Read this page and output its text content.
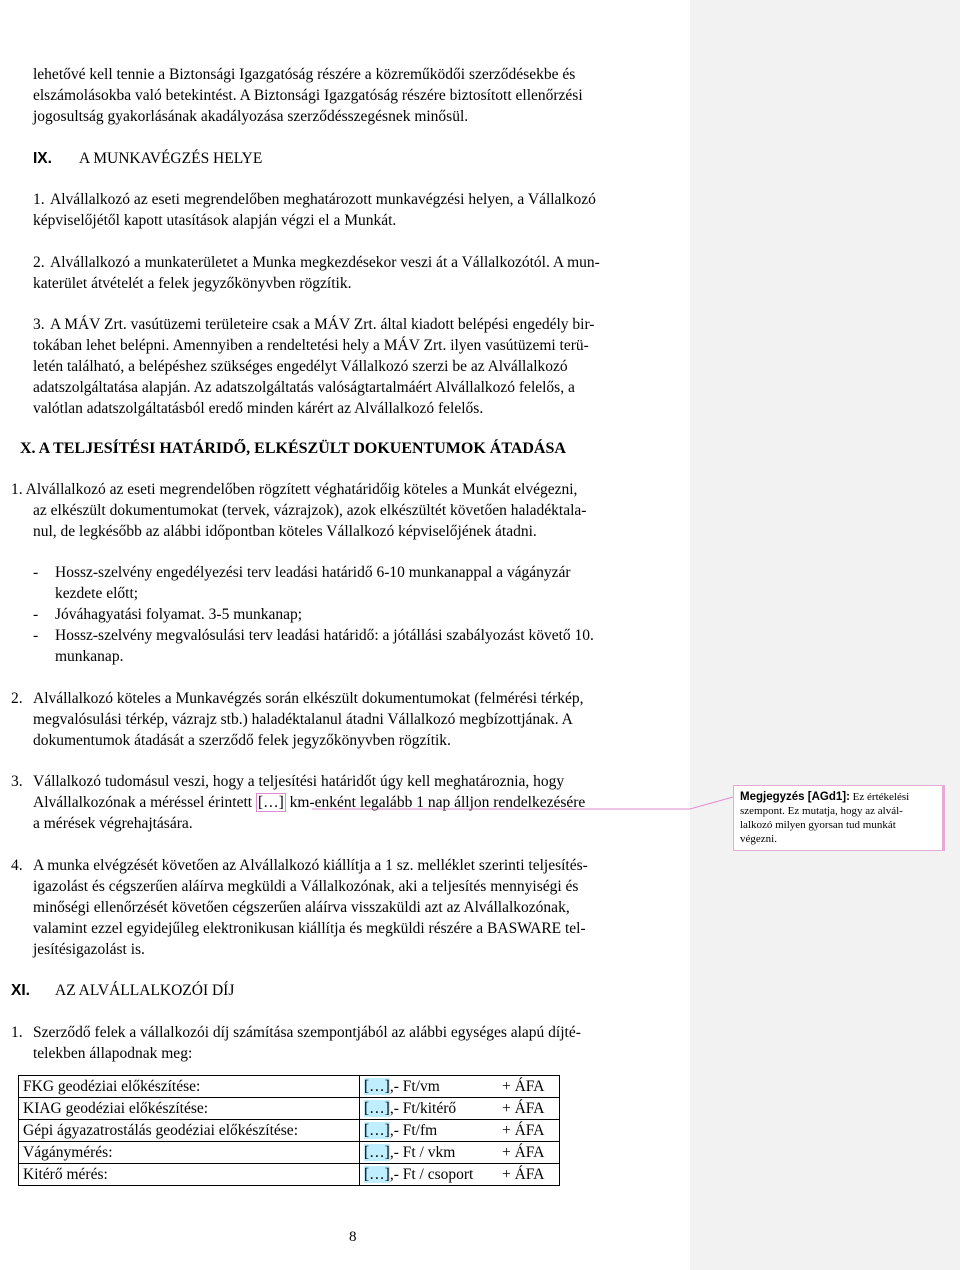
lehetővé kell tennie a Biztonsági Igazgatóság részére a közreműködői szerződésekbe és
elszámolásokba való betekintést. A Biztonsági Igazgatóság részére biztosított ellenőrzési
jogosultság gyakorlásának akadályozása szerződésszegésnek minősül.
IX. A MUNKAVÉGZÉS HELYE
1. Alvállalkozó az eseti megrendelőben meghatározott munkavégzési helyen, a Vállalkozó
képviselőjétől kapott utasítások alapján végzi el a Munkát.
2. Alvállalkozó a munkaterületet a Munka megkezdésekor veszi át a Vállalkozótól. A mun-
katerület átvételét a felek jegyzőkönyvben rögzítik.
3. A MÁV Zrt. vasútüzemi területeire csak a MÁV Zrt. által kiadott belépési engedély bir-
tokában lehet belépni. Amennyiben a rendeltetési hely a MÁV Zrt. ilyen vasútüzemi terü-
letén található, a belépéshez szükséges engedélyt Vállalkozó szerzi be az Alvállalkozó
adatszolgáltatása alapján. Az adatszolgáltatás valóságtartalmáért Alvállalkozó felelős, a
valótlan adatszolgáltatásból eredő minden kárért az Alvállalkozó felelős.
X. A TELJESÍTÉSI HATÁRIDŐ, ELKÉSZÜLT DOKUENTUMOK ÁTADÁSA
1. Alvállalkozó az eseti megrendelőben rögzített véghatáridőig köteles a Munkát elvégezni,
az elkészült dokumentumokat (tervek, vázrajzok), azok elkészültét követően haladéktala-
nul, de legkésőbb az alábbi időpontban köteles Vállalkozó képviselőjének átadni.
- Hossz-szelvény engedélyezési terv leadási határidő 6-10 munkanappal a vágányzár
kezdete előtt;
- Jóváhagyatási folyamat. 3-5 munkanap;
- Hossz-szelvény megvalósulási terv leadási határidő: a jótállási szabályozást követő 10.
munkanap.
2. Alvállalkozó köteles a Munkavégzés során elkészült dokumentumokat (felmérési térkép,
megvalósulási térkép, vázrajz stb.) haladéktalanul átadni Vállalkozó megbízottjának. A
dokumentumok átadását a szerződő felek jegyzőkönyvben rögzítik.
3. Vállalkozó tudomásul veszi, hogy a teljesítési határidőt úgy kell meghatároznia, hogy
Alvállalkozónak a méréssel érintett […] km-enként legalább 1 nap álljon rendelkezésére
a mérések végrehajtására.
4. A munka elvégzését követően az Alvállalkozó kiállítja a 1 sz. melléklet szerinti teljesítés-
igazolást és cégszerűen aláírva megküldi a Vállalkozónak, aki a teljesítés mennyiségi és
minőségi ellenőrzését követően cégszerűen aláírva visszaküldi azt az Alvállalkozónak,
valamint ezzel egyidejűleg elektronikusan kiállítja és megküldi részére a BASWARE tel-
jesítésigazolást is.
XI. AZ ALVÁLLALKOZÓI DÍJ
1. Szerződő felek a vállalkozói díj számítása szempontjából az alábbi egységes alapú díjté-
telekben állapodnak meg:
FKG geodéziai előkészítése:	[…],- Ft/vm	+ ÁFA
KIAG geodéziai előkészítése:	[…],- Ft/kitérő	+ ÁFA
Gépi ágyazatrostálás geodéziai előkészítése:	[…],- Ft/fm	+ ÁFA
Vágánymérés:	[…],- Ft / vkm	+ ÁFA
Kitérő mérés:	[…],- Ft / csoport	+ ÁFA
8
Megjegyzés [AGd1]: Ez értékelési
szempont. Ez mutatja, hogy az alvál-
lalkozó milyen gyorsan tud munkát
végezni.
